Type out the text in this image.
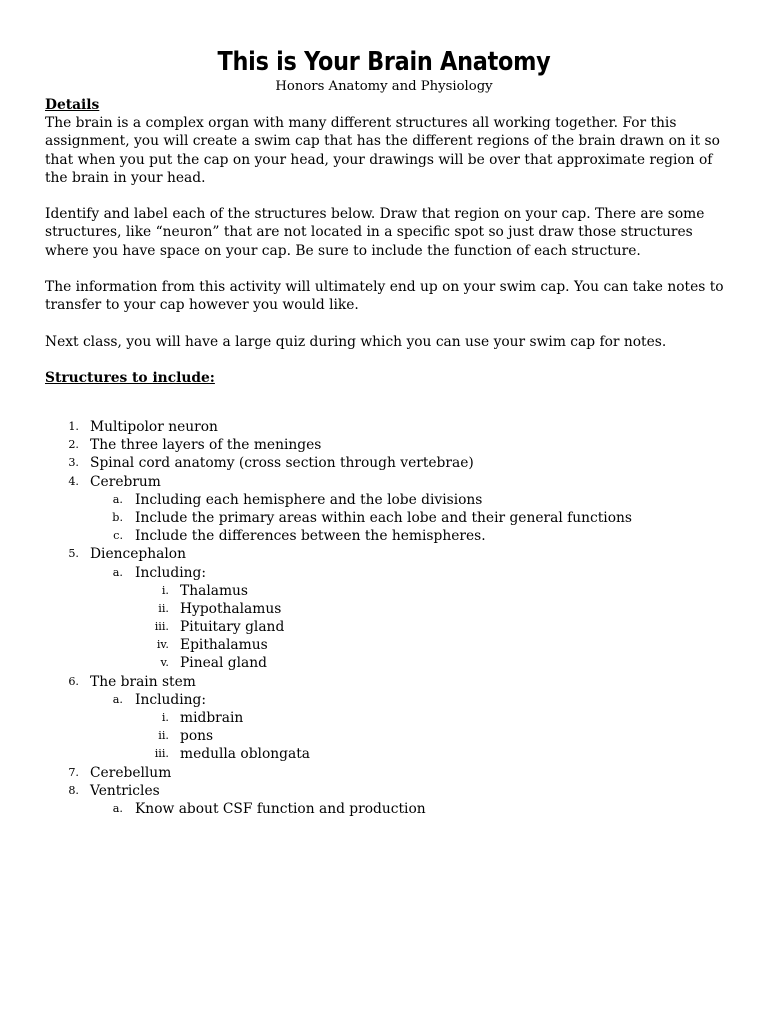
This is Your Brain Anatomy
Honors Anatomy and Physiology

Details

The brain is a complex organ with many different structures all working together. For this assignment, you will create a swim cap that has the different regions of the brain drawn on it so that when you put the cap on your head, your drawings will be over that approximate region of the brain in your head.

Identify and label each of the structures below. Draw that region on your cap. There are some structures, like “neuron” that are not located in a specific spot so just draw those structures where you have space on your cap. Be sure to include the function of each structure.

The information from this activity will ultimately end up on your swim cap. You can take notes to transfer to your cap however you would like.

Next class, you will have a large quiz during which you can use your swim cap for notes.

Structures to include:

1. Multipolor neuron
2. The three layers of the meninges
3. Spinal cord anatomy (cross section through vertebrae)
4. Cerebrum
a. Including each hemisphere and the lobe divisions
b. Include the primary areas within each lobe and their general functions
c. Include the differences between the hemispheres.
5. Diencephalon
a. Including:
i. Thalamus
ii. Hypothalamus
iii. Pituitary gland
iv. Epithalamus
v. Pineal gland
6. The brain stem
a. Including:
i. midbrain
ii. pons
iii. medulla oblongata
7. Cerebellum
8. Ventricles
a. Know about CSF function and production
